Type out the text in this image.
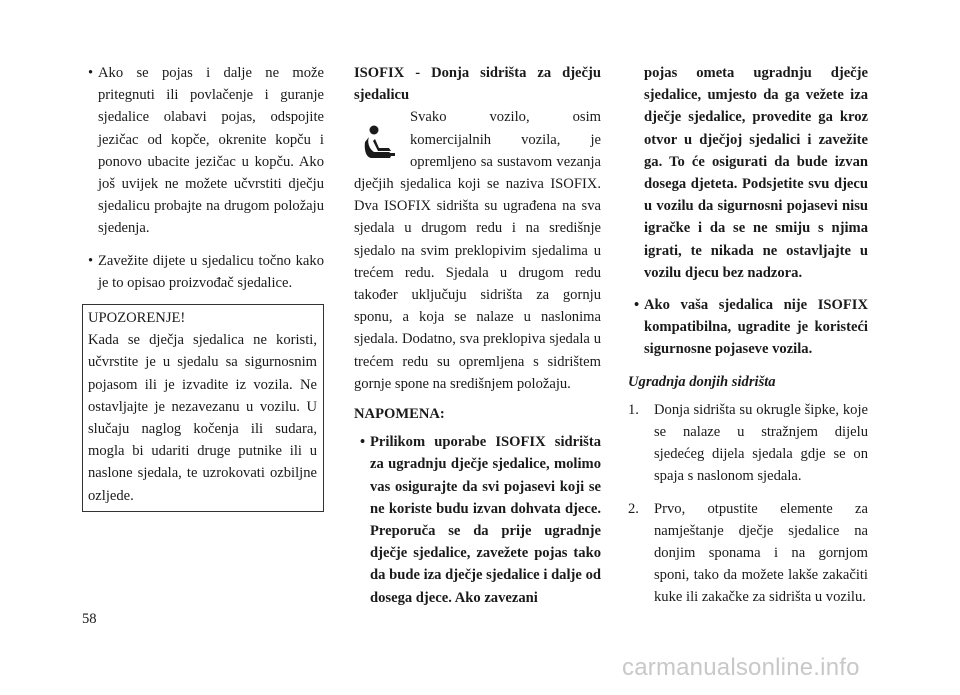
• Ako se pojas i dalje ne može pritegnuti ili povlačenje i guranje sjedalice olabavi pojas, odspojite jezičac od kopče, okrenite kopču i ponovo ubacite jezičac u kopču. Ako još uvijek ne možete učvrstiti dječju sjedalicu probajte na drugom položaju sjedenja.
• Zavežite dijete u sjedalicu točno kako je to opisao proizvođač sjedalice.
UPOZORENJE!
Kada se dječja sjedalica ne koristi, učvrstite je u sjedalu sa sigurnosnim pojasom ili je izvadite iz vozila. Ne ostavljajte je nezavezanu u vozilu. U slučaju naglog kočenja ili sudara, mogla bi udariti druge putnike ili u naslone sjedala, te uzrokovati ozbiljne ozljede.

ISOFIX - Donja sidrišta za dječju sjedalicu

Svako vozilo, osim komercijalnih vozila, je opremljeno sa sustavom vezanja dječjih sjedalica koji se naziva ISOFIX. Dva ISOFIX sidrišta su ugrađena na sva sjedala u drugom redu i na središnje sjedalo na svim preklopivim sjedalima u trećem redu. Sjedala u drugom redu također uključuju sidrišta za gornju sponu, a koja se nalaze u naslonima sjedala. Dodatno, sva preklopiva sjedala u trećem redu su opremljena s sidrištem gornje spone na središnjem položaju.

NAPOMENA:

• Prilikom uporabe ISOFIX sidrišta za ugradnju dječje sjedalice, molimo vas osigurajte da svi pojasevi koji se ne koriste budu izvan dohvata djece. Preporuča se da prije ugradnje dječje sjedalice, zavežete pojas tako da bude iza dječje sjedalice i dalje od dosega djece. Ako zavezani
pojas ometa ugradnju dječje sjedalice, umjesto da ga vežete iza dječje sjedalice, provedite ga kroz otvor u dječjoj sjedalici i zavežite ga. To će osigurati da bude izvan dosega djeteta. Podsjetite svu djecu u vozilu da sigurnosni pojasevi nisu igračke i da se ne smiju s njima igrati, te nikada ne ostavljajte u vozilu djecu bez nadzora.
• Ako vaša sjedalica nije ISOFIX kompatibilna, ugradite je koristeći sigurnosne pojaseve vozila.

Ugradnja donjih sidrišta

1. Donja sidrišta su okrugle šipke, koje se nalaze u stražnjem dijelu sjedećeg dijela sjedala gdje se on spaja s naslonom sjedala.
2. Prvo, otpustite elemente za namještanje dječje sjedalice na donjim sponama i na gornjom sponi, tako da možete lakše zakačiti kuke ili zakačke za sidrišta u vozilu.
58
carmanualsonline.info
